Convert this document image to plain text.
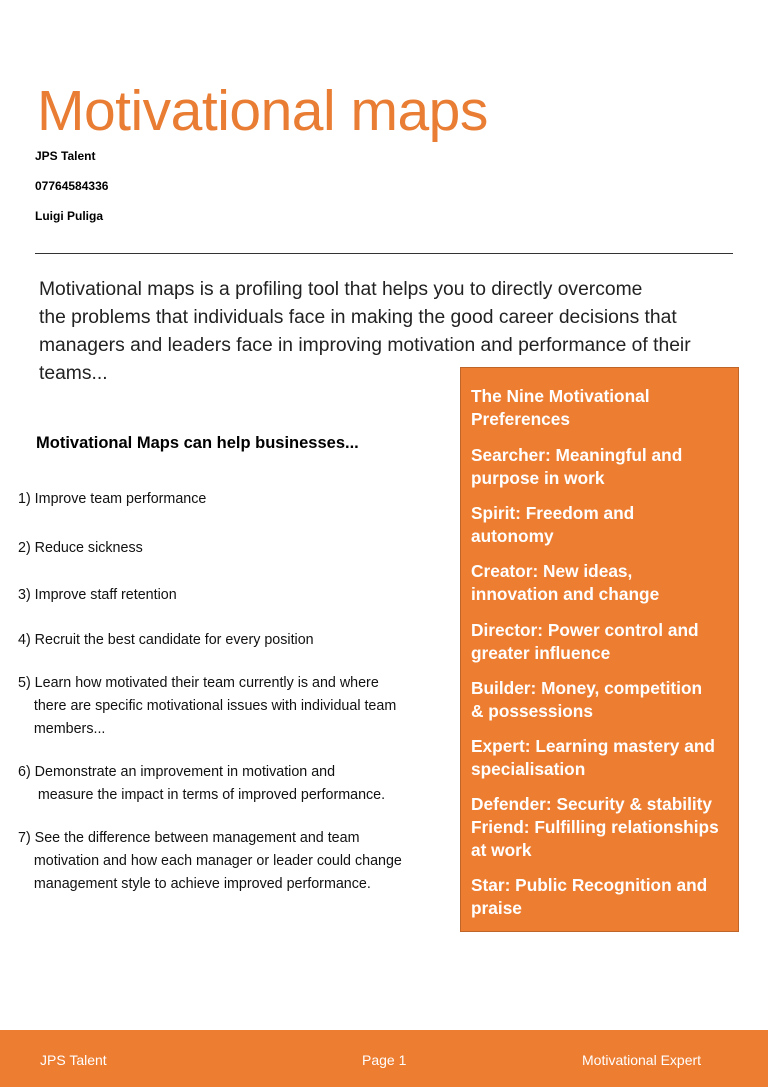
Motivational maps
JPS Talent
07764584336
Luigi Puliga
Motivational maps is a profiling tool that helps you to directly overcome
the problems that individuals face in making the good career decisions that
managers and leaders face in improving motivation and performance of their
teams...
Motivational Maps can help businesses...
1) Improve team performance
2) Reduce sickness
3) Improve staff retention
4) Recruit the best candidate for every position
5) Learn how motivated their team currently is and where
there are specific motivational issues with individual team
members...
6) Demonstrate an improvement in motivation and
measure the impact in terms of improved performance.
7) See the difference between management and team
motivation and how each manager or leader could change
management style to achieve improved performance.
The Nine Motivational
Preferences
Searcher: Meaningful and
purpose in work
Spirit: Freedom and
autonomy
Creator: New ideas,
innovation and change
Director: Power control and
greater influence
Builder: Money, competition
& possessions
Expert: Learning mastery and
specialisation
Defender: Security & stability
Friend: Fulfilling relationships
at work
Star: Public Recognition and
praise
JPS Talent	Page 1	Motivational Expert
